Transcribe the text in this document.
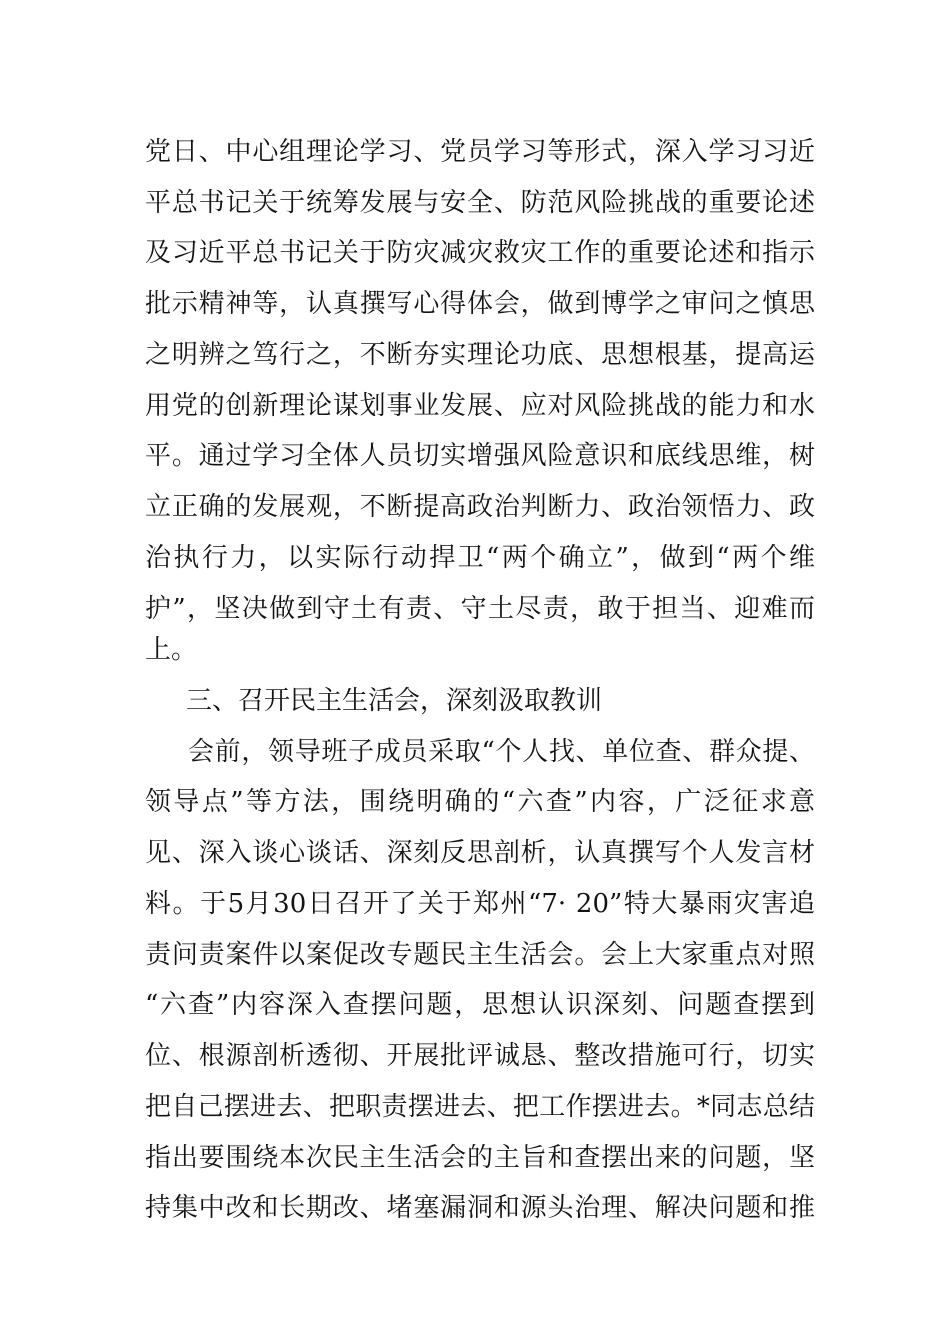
党日、中心组理论学习、党员学习等形式，深入学习习近
平总书记关于统筹发展与安全、防范风险挑战的重要论述
及习近平总书记关于防灾减灾救灾工作的重要论述和指示
批示精神等，认真撰写心得体会，做到博学之审问之慎思
之明辨之笃行之，不断夯实理论功底、思想根基，提高运
用党的创新理论谋划事业发展、应对风险挑战的能力和水
平。通过学习全体人员切实增强风险意识和底线思维，树
立正确的发展观，不断提高政治判断力、政治领悟力、政
治执行力，以实际行动捍卫“两个确立”，做到“两个维
护”，坚决做到守土有责、守土尽责，敢于担当、迎难而
上。
三、召开民主生活会，深刻汲取教训
会前，领导班子成员采取“个人找、单位查、群众提、
领导点”等方法，围绕明确的“六查”内容，广泛征求意
见、深入谈心谈话、深刻反思剖析，认真撰写个人发言材
料。于5月30日召开了关于郑州“7· 20”特大暴雨灾害追
责问责案件以案促改专题民主生活会。会上大家重点对照
“六查”内容深入查摆问题，思想认识深刻、问题查摆到
位、根源剖析透彻、开展批评诚恳、整改措施可行，切实
把自己摆进去、把职责摆进去、把工作摆进去。*同志总结
指出要围绕本次民主生活会的主旨和查摆出来的问题，坚
持集中改和长期改、堵塞漏洞和源头治理、解决问题和推
